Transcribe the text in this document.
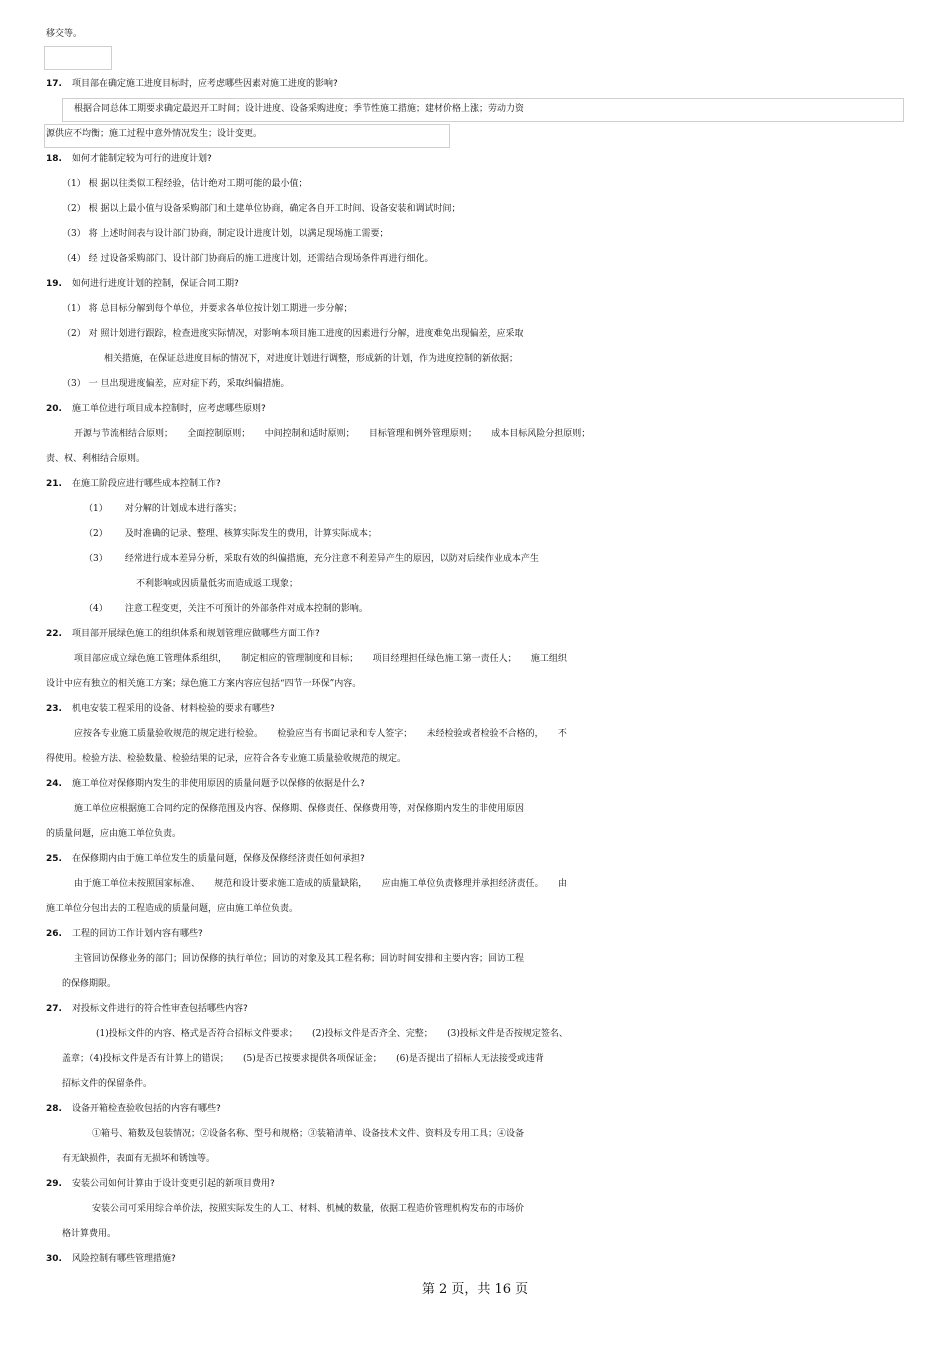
移交等。
17. 项目部在确定施工进度目标时，应考虑哪些因素对施工进度的影响?
根据合同总体工期要求确定最迟开工时间；设计进度、设备采购进度；季节性施工措施；建材价格上涨；劳动力资
源供应不均衡；施工过程中意外情况发生；设计变更。
18. 如何才能制定较为可行的进度计划?
（1） 根 据以往类似工程经验，估计绝对工期可能的最小值；
（2） 根 据以上最小值与设备采购部门和土建单位协商，确定各自开工时间、设备安装和调试时间；
（3） 将 上述时间表与设计部门协商，制定设计进度计划，以满足现场施工需要；
（4） 经 过设备采购部门、设计部门协商后的施工进度计划，还需结合现场条件再进行细化。
19. 如何进行进度计划的控制，保证合同工期?
（1） 将 总目标分解到每个单位，并要求各单位按计划工期进一步分解；
（2） 对 照计划进行跟踪，检查进度实际情况，对影响本项目施工进度的因素进行分解，进度难免出现偏差，应采取
相关措施，在保证总进度目标的情况下，对进度计划进行调整，形成新的计划，作为进度控制的新依据；
（3） 一 旦出现进度偏差，应对症下药，采取纠偏措施。
20. 施工单位进行项目成本控制时，应考虑哪些原则?
开源与节流相结合原则；     全面控制原则；     中间控制和适时原则；     目标管理和例外管理原则；     成本目标风险分担原则；
责、权、利相结合原则。
21. 在施工阶段应进行哪些成本控制工作?
（1）      对分解的计划成本进行落实；
（2）      及时准确的记录、整理、核算实际发生的费用，计算实际成本；
（3）      经常进行成本差异分析，采取有效的纠偏措施，充分注意不利差异产生的原因，以防对后续作业成本产生
不利影响或因质量低劣而造成返工现象；
（4）      注意工程变更，关注不可预计的外部条件对成本控制的影响。
22. 项目部开展绿色施工的组织体系和规划管理应做哪些方面工作?
项目部应成立绿色施工管理体系组织，     制定相应的管理制度和目标；     项目经理担任绿色施工第一责任人；     施工组织
设计中应有独立的相关施工方案；绿色施工方案内容应包括“四节一环保”内容。
23. 机电安装工程采用的设备、材料检验的要求有哪些?
应按各专业施工质量验收规范的规定进行检验。     检验应当有书面记录和专人签字；     未经检验或者检验不合格的，     不
得使用。检验方法、检验数量、检验结果的记录，应符合各专业施工质量验收规范的规定。
24. 施工单位对保修期内发生的非使用原因的质量问题予以保修的依据是什么?
施工单位应根据施工合同约定的保修范围及内容、保修期、保修责任、保修费用等，对保修期内发生的非使用原因
的质量问题，应由施工单位负责。
25. 在保修期内由于施工单位发生的质量问题，保修及保修经济责任如何承担?
由于施工单位未按照国家标准、     规范和设计要求施工造成的质量缺陷，     应由施工单位负责修理并承担经济责任。     由
施工单位分包出去的工程造成的质量问题，应由施工单位负责。
26. 工程的回访工作计划内容有哪些?
主管回访保修业务的部门；回访保修的执行单位；回访的对象及其工程名称；回访时间安排和主要内容；回访工程
的保修期限。
27. 对投标文件进行的符合性审查包括哪些内容?
(1)投标文件的内容、格式是否符合招标文件要求；     (2)投标文件是否齐全、完整；     (3)投标文件是否按规定签名、
盖章；（4)投标文件是否有计算上的错误；     (5)是否已按要求提供各项保证金；     (6)是否提出了招标人无法接受或违背
招标文件的保留条件。
28. 设备开箱检查验收包括的内容有哪些?
①箱号、箱数及包装情况；②设备名称、型号和规格；③装箱清单、设备技术文件、资料及专用工具；④设备
有无缺损件，表面有无损坏和锈蚀等。
29. 安装公司如何计算由于设计变更引起的新项目费用?
安装公司可采用综合单价法，按照实际发生的人工、材料、机械的数量，依据工程造价管理机构发布的市场价
格计算费用。
30. 风险控制有哪些管理措施?
第 2 页，共 16 页
